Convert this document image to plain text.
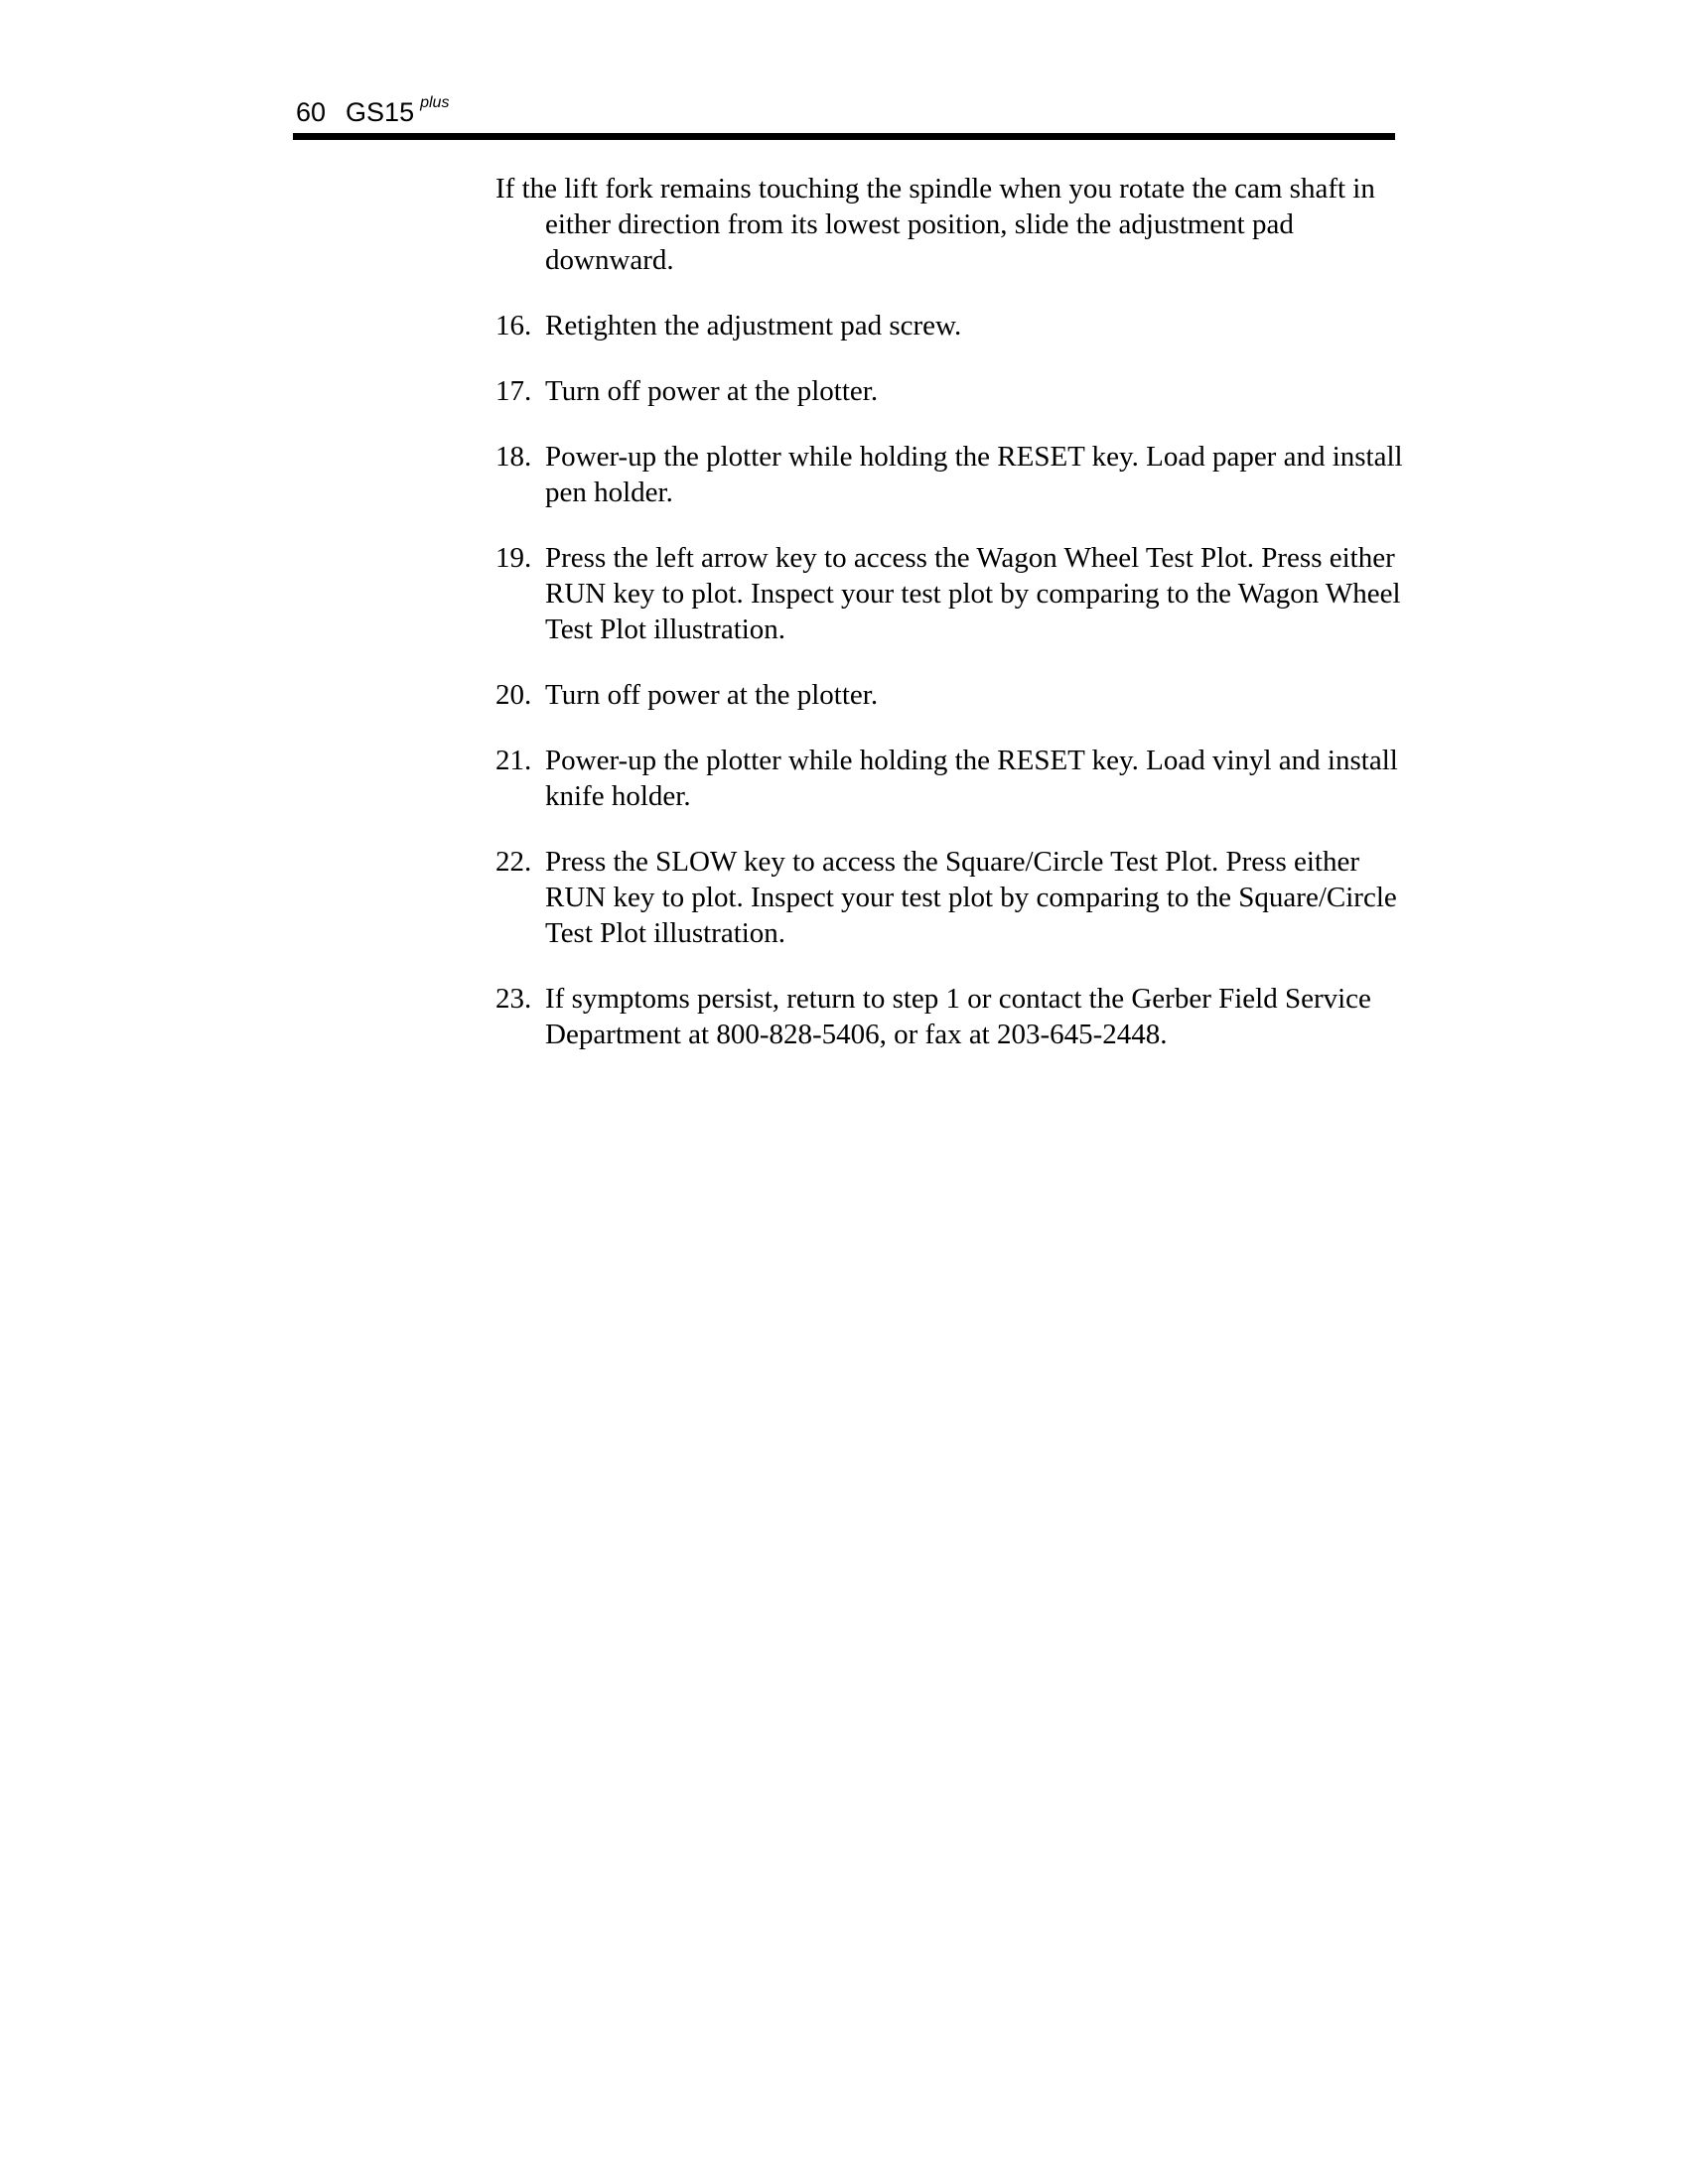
60 GS15 $^{plus}$

If the lift fork remains touching the spindle when you rotate the cam shaft in either direction from its lowest position, slide the adjustment pad downward.

16. Retighten the adjustment pad screw.
17. Turn off power at the plotter.
18. Power-up the plotter while holding the RESET key. Load paper and install pen holder.
19. Press the left arrow key to access the Wagon Wheel Test Plot. Press either RUN key to plot. Inspect your test plot by comparing to the Wagon Wheel Test Plot illustration.
20. Turn off power at the plotter.
21. Power-up the plotter while holding the RESET key. Load vinyl and install knife holder.
22. Press the SLOW key to access the Square/Circle Test Plot. Press either RUN key to plot. Inspect your test plot by comparing to the Square/Circle Test Plot illustration.
23. If symptoms persist, return to step 1 or contact the Gerber Field Service Department at 800-828-5406, or fax at 203-645-2448.
